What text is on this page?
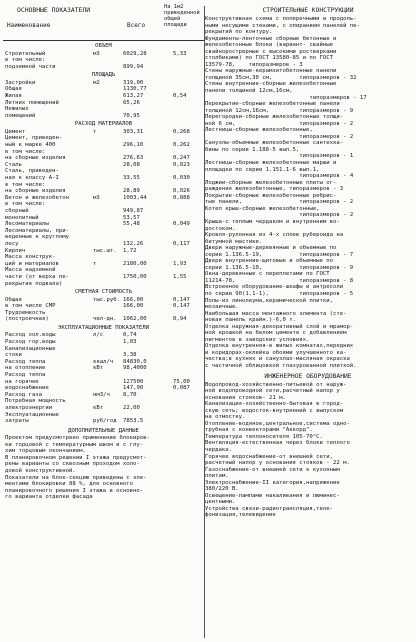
ОСНОВНЫЕ ПОКАЗАТЕЛИ
Наименование	Всего
На 1м2 приведенной общей площади
ОБЪЕМ
Строительный	м3	6029,28	5,33
в том числе:
подземной части	899,94
ПЛОЩАДЬ
Застройки	м2	319,00
Общая	1130,77
Жилая	613,27	0,54
Летних помещений	65,26
Нежилых
помещений	70,95
РАСХОД МАТЕРИАЛОВ
Цемент	т	303,31	0,268
Цемент, приведен-
ный к марке 400	296,10	0,262
в том числе:
на сборные изделия	276,63	0,247
Сталь	28,08	0,023
Сталь, приведен-
ная к классу А-I	33,55	0,030
в том числе:
на сборные изделия	28,89	0,026
Бетон и железобетон	м3	1003,44	0,888
в том числе:
сборный	949,87
монолитный	53,57
Лесоматериалы	55,48	0,049
Лесоматериалы, при-
веденные к круглому
лесу	132,26	0,117
Кирпич	тыс.шт. 1,72
Масса конструк-
ций и материалов	т	2180,00	1,93
Масса надземной
части (от верха пе-	1750,00	1,55
рекрытия подвала)
СМЕТНАЯ СТОИМОСТЬ
Общая	тыс.руб. 166,00	0,147
в том числе СМР	166,00	0,147
Трудоемкость
(построечная)	чел-дн. 1062,00	0,94
ЭКСПЛУАТАЦИОННЫЕ ПОКАЗАТЕЛИ
Расход хол.воды	л/с	0,74
Расход гор.воды	1,03
Канализационные
стоки	3,38
Расход тепла	ккал/ч 84830,0
на отопление	кВт	98,4000
Расход тепла
на горячее	127500	75,00
водоснабжение	147,90	0,087
Расход газа	нм3/ч 8,70
Потребная мощность
электроэнергии	кВт	22,00
Эксплуатационные
затраты	руб/год 7853,5
ДОПОЛНИТЕЛЬНЫЕ ДАННЫЕ
Проектом предусмотрено применение блокиров-
ки торцовой с температурным швом и с глу-
хим торцовым окончанием.
В планировочном решении I этажа предусмот-
рены варианты со сквозным проходом холо-
довой конструктивной.
Показатели на блок-секцию приведены с эле-
ментами блокировки 88 %, для основного
планировочного решения I этажа и основно-
го варианта отделки фасада
СТРОИТЕЛЬНЫЕ КОНСТРУКЦИИ
Конструктивная схема с поперечными и продоль-
ными несущими стенами, с опиранием панелей пе-
рекрытий по контуру.
Фундаменты-ленточные сборные бетонные и
железобетонные блоки (вариант- свайные
свайнорострерные с высокими ростверками
столбиками) по ГОСТ 13580-85 и по ГОСТ
13579-78,    типоразмеров - 3
Стены наружные-керамзитобетонные панели
толщиной 35см,30 см,        типоразмеров - 32
Стены внутренние-сборные железобетонные
панели толщиной 12см,16см,
типоразмеров - 17
Перекрытие-сборные железобетонные панели
толщиной 12см,16см,         типоразмеров - 9
Перегородки-сборные железобетонные толщи-
ной 6 см,                   типоразмеров - 2
Лестницы-сборные железобетонные,
типоразмеров - 2
Санузлы-объемные железобетонные сантехка-
бины по серии 1.188-5 вып.5,
типоразмеров - 1
Лестницы-сборные железобетонные марши и
площадки по серии 1.151.1-6 вып.1,
типоразмеров - 4
Лоджии-сборные железобетонные плиты ог-
раждения железобетонные, типоразмеров - 3
Покрытие-сборные железобетонные ребрис-
тые панели,                 типоразмеров - 2
Котел крыш-сборные железобетонные,
типоразмеров - 2
Крыша-с теплым чердаком и внутренним во-
достоком.
Кровля-рулонная из 4-х слоев рубероида на
битумной мастике.
Двери наружные-деревянные и объемные по
серии 1.136.5-19,           типоразмеров - 7
Двери внутренние-щитовые и объемные по
серии 1.136.5-10,           типоразмеров - 9
Окна-деревянные с переплетами по ГОСТ
11214-78,                   типоразмеров - 8
Встроенное оборудование-шкафы и антресоли
по серии 90(1.1-1),         типоразмеров - 5
Полы-из линолеума,керамической плитки,
мозаичные.
Наибольшая масса монтажного элемента (сте-
новая панель крайн.)-6,0 т.
Отделка наружная-декоративный слой и мрамор-
ной крошкой на белом цементе с добавлением
пигментов в заводских условиях.
Отделка внутренняя-в жилых комнатах,передних
и коридорах-оклейка обоями улучшенного ка-
чества;в кухнях и санузлах-масляная окраска
с частичной облицовкой глазурованной плиткой.
ИНЖЕНЕРНОЕ ОБОРУДОВАНИЕ
Водопровод-хозяйственно-питьевой от наруж-
ной водопроводной сети,расчетный напор у
основания стояков- 21 м.
Канализация-хозяйственно-бытовая в город-
скую сеть; водосток-внутренний с выпуском
на отмостку.
Отопление-водяное,центральное,система одно-
трубная с конвекторами "Аккорд".
Температура теплоносителя 105-70°С.
Вентиляция-естественная через блоки теплого
чердака.
Горячее водоснабжение-от внешней сети,
расчетный напор у основания стояков - 22 м.
Газоснабжение-от внешней сети к кухонным
плитам.
Электроснабжение-II категория,напряжение
380/220 В.
Освещение-лампами накаливания и люминес-
центными.
Устройства связи-радиотрансляция,теле-
фонизация,телевидение
